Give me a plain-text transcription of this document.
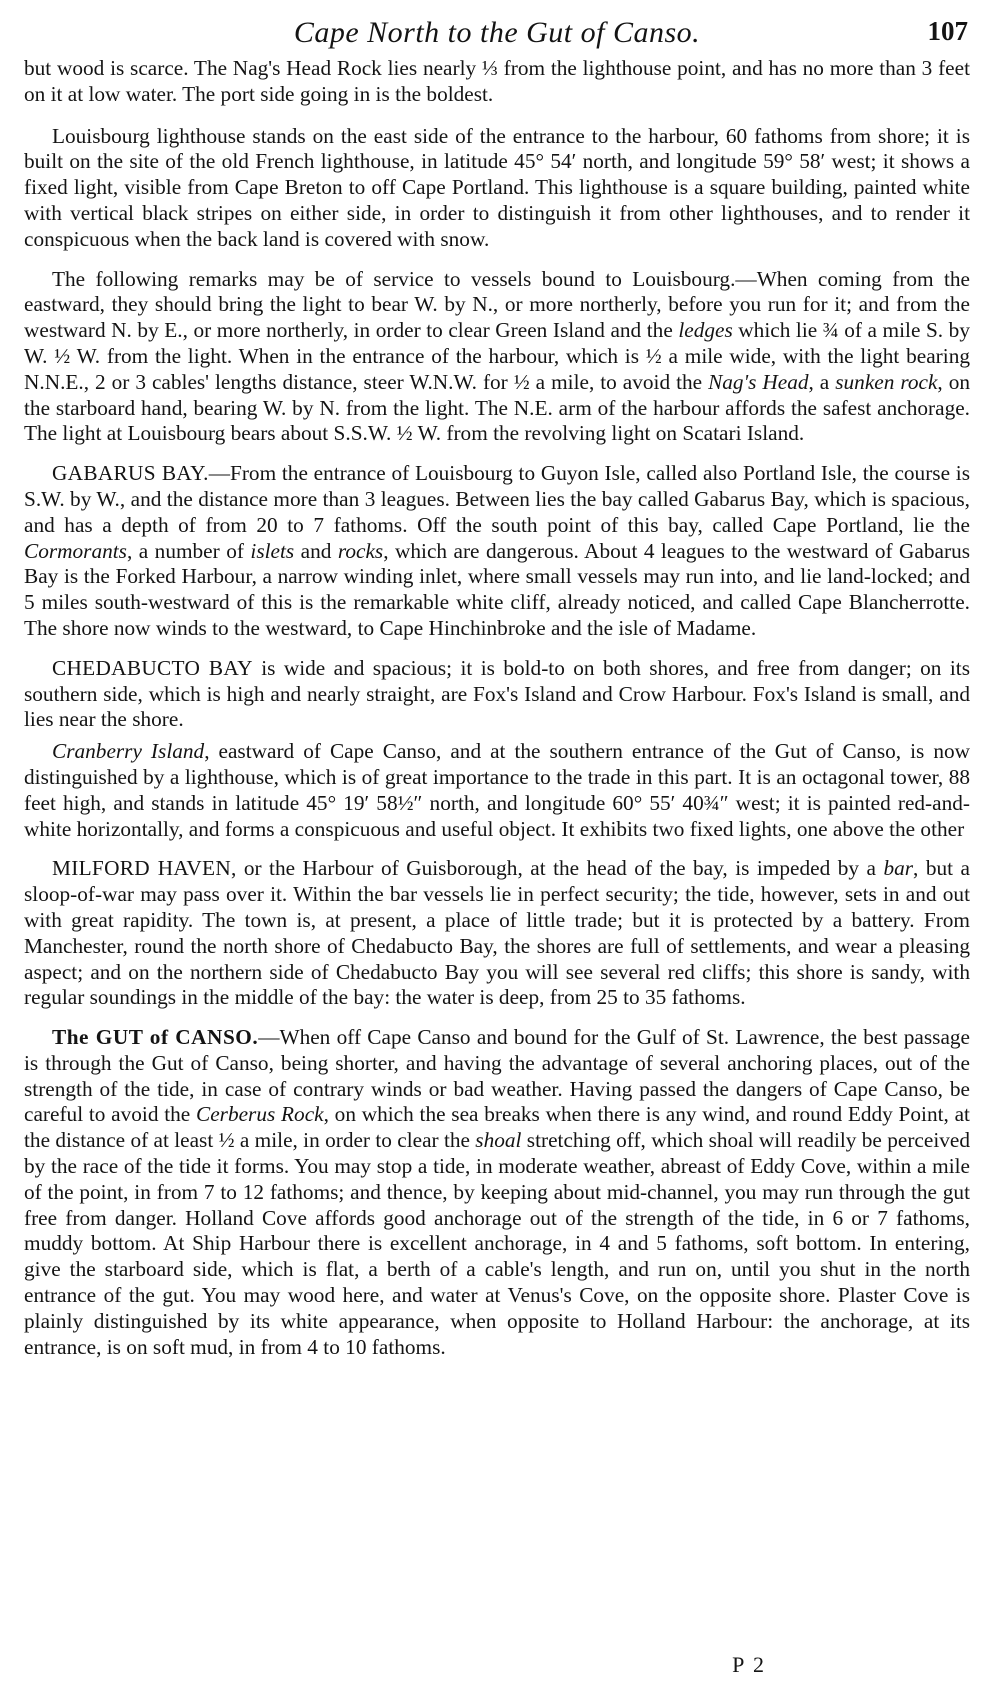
Cape North to the Gut of Canso.	107

but wood is scarce. The Nag's Head Rock lies nearly ⅓ from the lighthouse point, and has no more than 3 feet on it at low water. The port side going in is the boldest.

Louisbourg lighthouse stands on the east side of the entrance to the harbour, 60 fathoms from shore; it is built on the site of the old French lighthouse, in latitude 45° 54′ north, and longitude 59° 58′ west; it shows a fixed light, visible from Cape Breton to off Cape Portland. This lighthouse is a square building, painted white with vertical black stripes on either side, in order to distinguish it from other lighthouses, and to render it conspicuous when the back land is covered with snow.

The following remarks may be of service to vessels bound to Louisbourg.—When coming from the eastward, they should bring the light to bear W. by N., or more northerly, before you run for it; and from the westward N. by E., or more northerly, in order to clear Green Island and the ledges which lie ¾ of a mile S. by W. ½ W. from the light. When in the entrance of the harbour, which is ½ a mile wide, with the light bearing N.N.E., 2 or 3 cables' lengths distance, steer W.N.W. for ½ a mile, to avoid the Nag's Head, a sunken rock, on the starboard hand, bearing W. by N. from the light. The N.E. arm of the harbour affords the safest anchorage. The light at Louisbourg bears about S.S.W. ½ W. from the revolving light on Scatari Island.

GABARUS BAY.—From the entrance of Louisbourg to Guyon Isle, called also Portland Isle, the course is S.W. by W., and the distance more than 3 leagues. Between lies the bay called Gabarus Bay, which is spacious, and has a depth of from 20 to 7 fathoms. Off the south point of this bay, called Cape Portland, lie the Cormorants, a number of islets and rocks, which are dangerous. About 4 leagues to the westward of Gabarus Bay is the Forked Harbour, a narrow winding inlet, where small vessels may run into, and lie land-locked; and 5 miles south-westward of this is the remarkable white cliff, already noticed, and called Cape Blancherrotte. The shore now winds to the westward, to Cape Hinchinbroke and the isle of Madame.

CHEDABUCTO BAY is wide and spacious; it is bold-to on both shores, and free from danger; on its southern side, which is high and nearly straight, are Fox's Island and Crow Harbour. Fox's Island is small, and lies near the shore.

Cranberry Island, eastward of Cape Canso, and at the southern entrance of the Gut of Canso, is now distinguished by a lighthouse, which is of great importance to the trade in this part. It is an octagonal tower, 88 feet high, and stands in latitude 45° 19′ 58½″ north, and longitude 60° 55′ 40¾″ west; it is painted red-and-white horizontally, and forms a conspicuous and useful object. It exhibits two fixed lights, one above the other

MILFORD HAVEN, or the Harbour of Guisborough, at the head of the bay, is impeded by a bar, but a sloop-of-war may pass over it. Within the bar vessels lie in perfect security; the tide, however, sets in and out with great rapidity. The town is, at present, a place of little trade; but it is protected by a battery. From Manchester, round the north shore of Chedabucto Bay, the shores are full of settlements, and wear a pleasing aspect; and on the northern side of Chedabucto Bay you will see several red cliffs; this shore is sandy, with regular soundings in the middle of the bay: the water is deep, from 25 to 35 fathoms.

The GUT of CANSO.—When off Cape Canso and bound for the Gulf of St. Lawrence, the best passage is through the Gut of Canso, being shorter, and having the advantage of several anchoring places, out of the strength of the tide, in case of contrary winds or bad weather. Having passed the dangers of Cape Canso, be careful to avoid the Cerberus Rock, on which the sea breaks when there is any wind, and round Eddy Point, at the distance of at least ½ a mile, in order to clear the shoal stretching off, which shoal will readily be perceived by the race of the tide it forms. You may stop a tide, in moderate weather, abreast of Eddy Cove, within a mile of the point, in from 7 to 12 fathoms; and thence, by keeping about mid-channel, you may run through the gut free from danger. Holland Cove affords good anchorage out of the strength of the tide, in 6 or 7 fathoms, muddy bottom. At Ship Harbour there is excellent anchorage, in 4 and 5 fathoms, soft bottom. In entering, give the starboard side, which is flat, a berth of a cable's length, and run on, until you shut in the north entrance of the gut. You may wood here, and water at Venus's Cove, on the opposite shore. Plaster Cove is plainly distinguished by its white appearance, when opposite to Holland Harbour: the anchorage, at its entrance, is on soft mud, in from 4 to 10 fathoms.

P 2
